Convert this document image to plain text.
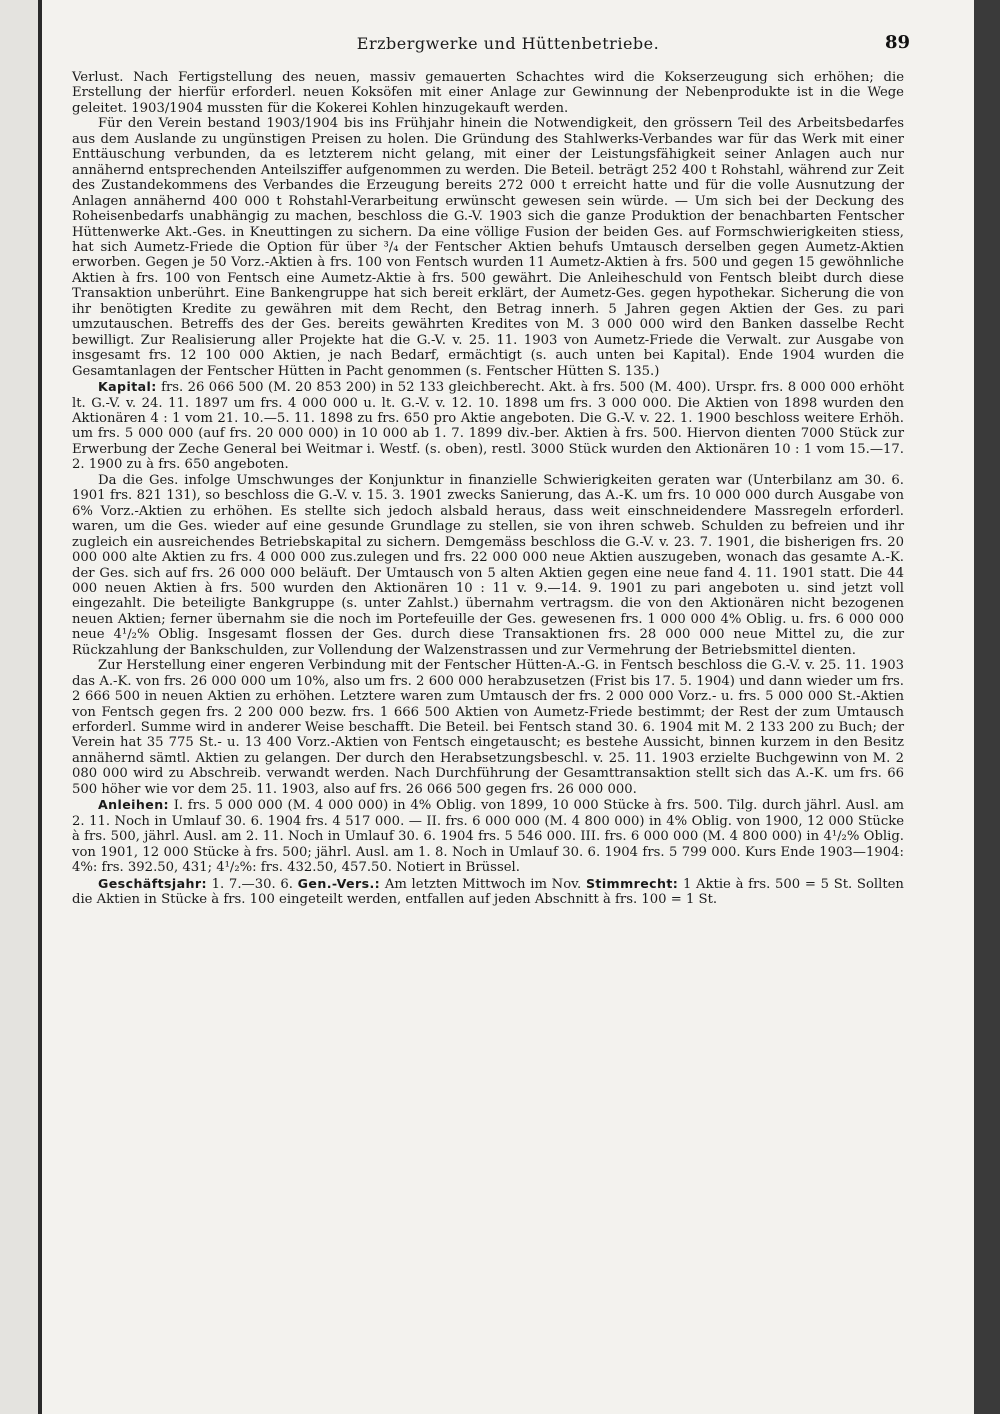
Erzbergwerke und Hüttenbetriebe.	89

Verlust. Nach Fertigstellung des neuen, massiv gemauerten Schachtes wird die Kokserzeugung sich erhöhen; die Erstellung der hierfür erforderl. neuen Koksöfen mit einer Anlage zur Gewinnung der Nebenprodukte ist in die Wege geleitet. 1903/1904 mussten für die Kokerei Kohlen hinzugekauft werden.

Für den Verein bestand 1903/1904 bis ins Frühjahr hinein die Notwendigkeit, den grössern Teil des Arbeitsbedarfes aus dem Auslande zu ungünstigen Preisen zu holen. Die Gründung des Stahlwerks-Verbandes war für das Werk mit einer Enttäuschung verbunden, da es letzterem nicht gelang, mit einer der Leistungsfähigkeit seiner Anlagen auch nur annähernd entsprechenden Anteilsziffer aufgenommen zu werden. Die Beteil. beträgt 252 400 t Rohstahl, während zur Zeit des Zustandekommens des Verbandes die Erzeugung bereits 272 000 t erreicht hatte und für die volle Ausnutzung der Anlagen annähernd 400 000 t Rohstahl-Verarbeitung erwünscht gewesen sein würde. — Um sich bei der Deckung des Roheisenbedarfs unabhängig zu machen, beschloss die G.-V. 1903 sich die ganze Produktion der benachbarten Fentscher Hüttenwerke Akt.-Ges. in Kneuttingen zu sichern. Da eine völlige Fusion der beiden Ges. auf Formschwierigkeiten stiess, hat sich Aumetz-Friede die Option für über ³/₄ der Fentscher Aktien behufs Umtausch derselben gegen Aumetz-Aktien erworben. Gegen je 50 Vorz.-Aktien à frs. 100 von Fentsch wurden 11 Aumetz-Aktien à frs. 500 und gegen 15 gewöhnliche Aktien à frs. 100 von Fentsch eine Aumetz-Aktie à frs. 500 gewährt. Die Anleiheschuld von Fentsch bleibt durch diese Transaktion unberührt. Eine Bankengruppe hat sich bereit erklärt, der Aumetz-Ges. gegen hypothekar. Sicherung die von ihr benötigten Kredite zu gewähren mit dem Recht, den Betrag innerh. 5 Jahren gegen Aktien der Ges. zu pari umzutauschen. Betreffs des der Ges. bereits gewährten Kredites von M. 3 000 000 wird den Banken dasselbe Recht bewilligt. Zur Realisierung aller Projekte hat die G.-V. v. 25. 11. 1903 von Aumetz-Friede die Verwalt. zur Ausgabe von insgesamt frs. 12 100 000 Aktien, je nach Bedarf, ermächtigt (s. auch unten bei Kapital). Ende 1904 wurden die Gesamtanlagen der Fentscher Hütten in Pacht genommen (s. Fentscher Hütten S. 135.)

Kapital: frs. 26 066 500 (M. 20 853 200) in 52 133 gleichberecht. Akt. à frs. 500 (M. 400). Urspr. frs. 8 000 000 erhöht lt. G.-V. v. 24. 11. 1897 um frs. 4 000 000 u. lt. G.-V. v. 12. 10. 1898 um frs. 3 000 000. Die Aktien von 1898 wurden den Aktionären 4 : 1 vom 21. 10.—5. 11. 1898 zu frs. 650 pro Aktie angeboten. Die G.-V. v. 22. 1. 1900 beschloss weitere Erhöh. um frs. 5 000 000 (auf frs. 20 000 000) in 10 000 ab 1. 7. 1899 div.-ber. Aktien à frs. 500. Hiervon dienten 7000 Stück zur Erwerbung der Zeche General bei Weitmar i. Westf. (s. oben), restl. 3000 Stück wurden den Aktionären 10 : 1 vom 15.—17. 2. 1900 zu à frs. 650 angeboten.

Da die Ges. infolge Umschwunges der Konjunktur in finanzielle Schwierigkeiten geraten war (Unterbilanz am 30. 6. 1901 frs. 821 131), so beschloss die G.-V. v. 15. 3. 1901 zwecks Sanierung, das A.-K. um frs. 10 000 000 durch Ausgabe von 6% Vorz.-Aktien zu erhöhen. Es stellte sich jedoch alsbald heraus, dass weit einschneidendere Massregeln erforderl. waren, um die Ges. wieder auf eine gesunde Grundlage zu stellen, sie von ihren schweb. Schulden zu befreien und ihr zugleich ein ausreichendes Betriebskapital zu sichern. Demgemäss beschloss die G.-V. v. 23. 7. 1901, die bisherigen frs. 20 000 000 alte Aktien zu frs. 4 000 000 zus.zulegen und frs. 22 000 000 neue Aktien auszugeben, wonach das gesamte A.-K. der Ges. sich auf frs. 26 000 000 beläuft. Der Umtausch von 5 alten Aktien gegen eine neue fand 4. 11. 1901 statt. Die 44 000 neuen Aktien à frs. 500 wurden den Aktionären 10 : 11 v. 9.—14. 9. 1901 zu pari angeboten u. sind jetzt voll eingezahlt. Die beteiligte Bankgruppe (s. unter Zahlst.) übernahm vertragsm. die von den Aktionären nicht bezogenen neuen Aktien; ferner übernahm sie die noch im Portefeuille der Ges. gewesenen frs. 1 000 000 4% Oblig. u. frs. 6 000 000 neue 4¹/₂% Oblig. Insgesamt flossen der Ges. durch diese Transaktionen frs. 28 000 000 neue Mittel zu, die zur Rückzahlung der Bankschulden, zur Vollendung der Walzenstrassen und zur Vermehrung der Betriebsmittel dienten.

Zur Herstellung einer engeren Verbindung mit der Fentscher Hütten-A.-G. in Fentsch beschloss die G.-V. v. 25. 11. 1903 das A.-K. von frs. 26 000 000 um 10%, also um frs. 2 600 000 herabzusetzen (Frist bis 17. 5. 1904) und dann wieder um frs. 2 666 500 in neuen Aktien zu erhöhen. Letztere waren zum Umtausch der frs. 2 000 000 Vorz.- u. frs. 5 000 000 St.-Aktien von Fentsch gegen frs. 2 200 000 bezw. frs. 1 666 500 Aktien von Aumetz-Friede bestimmt; der Rest der zum Umtausch erforderl. Summe wird in anderer Weise beschafft. Die Beteil. bei Fentsch stand 30. 6. 1904 mit M. 2 133 200 zu Buch; der Verein hat 35 775 St.- u. 13 400 Vorz.-Aktien von Fentsch eingetauscht; es bestehe Aussicht, binnen kurzem in den Besitz annähernd sämtl. Aktien zu gelangen. Der durch den Herabsetzungsbeschl. v. 25. 11. 1903 erzielte Buchgewinn von M. 2 080 000 wird zu Abschreib. verwandt werden. Nach Durchführung der Gesamttransaktion stellt sich das A.-K. um frs. 66 500 höher wie vor dem 25. 11. 1903, also auf frs. 26 066 500 gegen frs. 26 000 000.

Anleihen: I. frs. 5 000 000 (M. 4 000 000) in 4% Oblig. von 1899, 10 000 Stücke à frs. 500. Tilg. durch jährl. Ausl. am 2. 11. Noch in Umlauf 30. 6. 1904 frs. 4 517 000. — II. frs. 6 000 000 (M. 4 800 000) in 4% Oblig. von 1900, 12 000 Stücke à frs. 500, jährl. Ausl. am 2. 11. Noch in Umlauf 30. 6. 1904 frs. 5 546 000. III. frs. 6 000 000 (M. 4 800 000) in 4¹/₂% Oblig. von 1901, 12 000 Stücke à frs. 500; jährl. Ausl. am 1. 8. Noch in Umlauf 30. 6. 1904 frs. 5 799 000. Kurs Ende 1903—1904: 4%: frs. 392.50, 431; 4¹/₂%: frs. 432.50, 457.50. Notiert in Brüssel.

Geschäftsjahr: 1. 7.—30. 6. Gen.-Vers.: Am letzten Mittwoch im Nov. Stimmrecht: 1 Aktie à frs. 500 = 5 St. Sollten die Aktien in Stücke à frs. 100 eingeteilt werden, entfallen auf jeden Abschnitt à frs. 100 = 1 St.
